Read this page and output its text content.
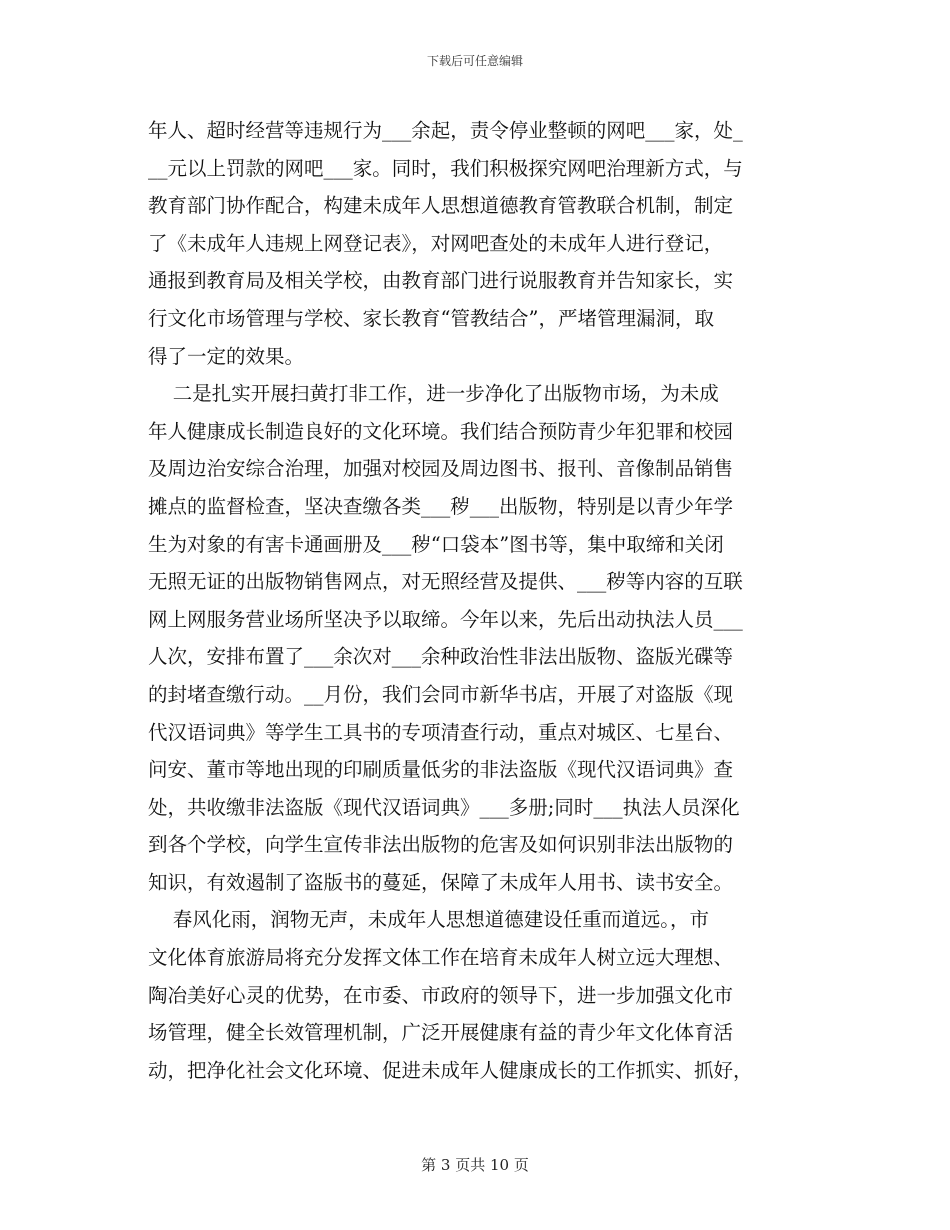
下载后可任意编辑
年人、超时经营等违规行为___余起，责令停业整顿的网吧___家，处_
__元以上罚款的网吧___家。同时，我们积极探究网吧治理新方式，与
教育部门协作配合，构建未成年人思想道德教育管教联合机制，制定
了《未成年人违规上网登记表》，对网吧查处的未成年人进行登记，
通报到教育局及相关学校，由教育部门进行说服教育并告知家长，实
行文化市场管理与学校、家长教育“管教结合”，严堵管理漏洞，取
得了一定的效果。
二是扎实开展扫黄打非工作，进一步净化了出版物市场，为未成
年人健康成长制造良好的文化环境。我们结合预防青少年犯罪和校园
及周边治安综合治理，加强对校园及周边图书、报刊、音像制品销售
摊点的监督检查，坚决查缴各类___秽___出版物，特别是以青少年学
生为对象的有害卡通画册及___秽“口袋本”图书等，集中取缔和关闭
无照无证的出版物销售网点，对无照经营及提供、___秽等内容的互联
网上网服务营业场所坚决予以取缔。今年以来，先后出动执法人员___
人次，安排布置了___余次对___余种政治性非法出版物、盗版光碟等
的封堵查缴行动。__月份，我们会同市新华书店，开展了对盗版《现
代汉语词典》等学生工具书的专项清查行动，重点对城区、七星台、
问安、董市等地出现的印刷质量低劣的非法盗版《现代汉语词典》查
处，共收缴非法盗版《现代汉语词典》___多册;同时___执法人员深化
到各个学校，向学生宣传非法出版物的危害及如何识别非法出版物的
知识，有效遏制了盗版书的蔓延，保障了未成年人用书、读书安全。
春风化雨，润物无声，未成年人思想道德建设任重而道远。，市
文化体育旅游局将充分发挥文体工作在培育未成年人树立远大理想、
陶冶美好心灵的优势，在市委、市政府的领导下，进一步加强文化市
场管理，健全长效管理机制，广泛开展健康有益的青少年文化体育活
动，把净化社会文化环境、促进未成年人健康成长的工作抓实、抓好，
第 3 页共 10 页
